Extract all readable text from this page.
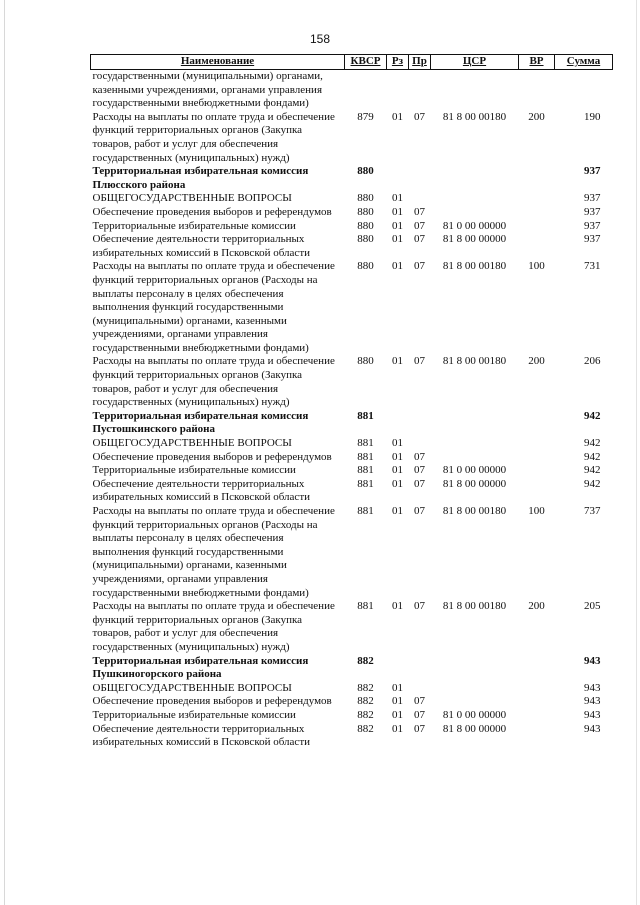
158
Наименование	КВСР	Рз	Пр	ЦСР	ВР	Сумма
государственными (муниципальными) органами, казенными учреждениями, органами управления государственными внебюджетными фондами)						
Расходы на выплаты по оплате труда и обеспечение функций территориальных органов (Закупка товаров, работ и услуг для обеспечения государственных (муниципальных) нужд)	879	01	07	81 8 00 00180	200	190
Территориальная избирательная комиссия Плюсского района	880					937
ОБЩЕГОСУДАРСТВЕННЫЕ ВОПРОСЫ	880	01				937
Обеспечение проведения выборов и референдумов	880	01	07			937
Территориальные избирательные комиссии	880	01	07	81 0 00 00000		937
Обеспечение деятельности территориальных избирательных комиссий в Псковской области	880	01	07	81 8 00 00000		937
Расходы на выплаты по оплате труда и обеспечение функций территориальных органов (Расходы на выплаты персоналу в целях обеспечения выполнения функций государственными (муниципальными) органами, казенными учреждениями, органами управления государственными внебюджетными фондами)	880	01	07	81 8 00 00180	100	731
Расходы на выплаты по оплате труда и обеспечение функций территориальных органов (Закупка товаров, работ и услуг для обеспечения государственных (муниципальных) нужд)	880	01	07	81 8 00 00180	200	206
Территориальная избирательная комиссия Пустошкинского района	881					942
ОБЩЕГОСУДАРСТВЕННЫЕ ВОПРОСЫ	881	01				942
Обеспечение проведения выборов и референдумов	881	01	07			942
Территориальные избирательные комиссии	881	01	07	81 0 00 00000		942
Обеспечение деятельности территориальных избирательных комиссий в Псковской области	881	01	07	81 8 00 00000		942
Расходы на выплаты по оплате труда и обеспечение функций территориальных органов (Расходы на выплаты персоналу в целях обеспечения выполнения функций государственными (муниципальными) органами, казенными учреждениями, органами управления государственными внебюджетными фондами)	881	01	07	81 8 00 00180	100	737
Расходы на выплаты по оплате труда и обеспечение функций территориальных органов (Закупка товаров, работ и услуг для обеспечения государственных (муниципальных) нужд)	881	01	07	81 8 00 00180	200	205
Территориальная избирательная комиссия Пушкиногорского района	882					943
ОБЩЕГОСУДАРСТВЕННЫЕ ВОПРОСЫ	882	01				943
Обеспечение проведения выборов и референдумов	882	01	07			943
Территориальные избирательные комиссии	882	01	07	81 0 00 00000		943
Обеспечение деятельности территориальных избирательных комиссий в Псковской области	882	01	07	81 8 00 00000		943
